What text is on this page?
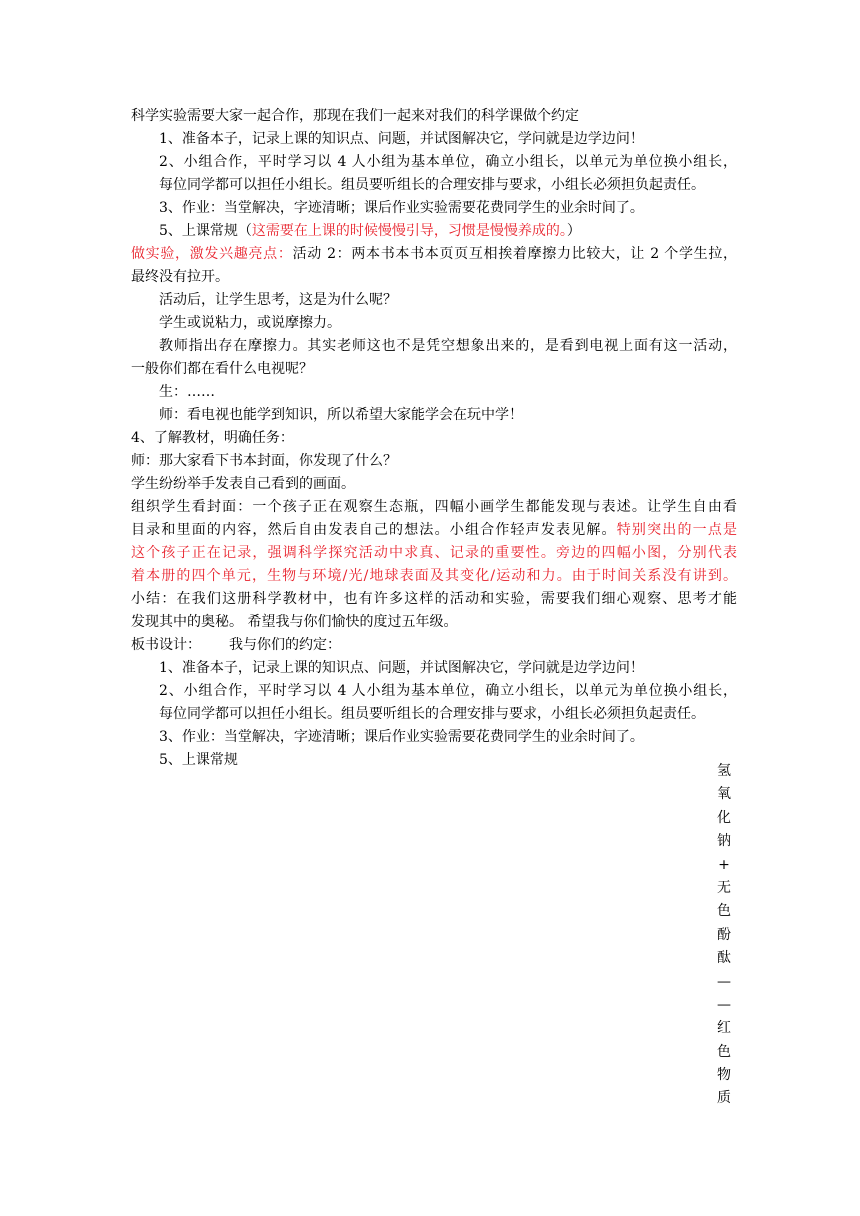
科学实验需要大家一起合作，那现在我们一起来对我们的科学课做个约定
1、准备本子，记录上课的知识点、问题，并试图解决它，学问就是边学边问！
2、小组合作，平时学习以 4 人小组为基本单位，确立小组长，以单元为单位换小组长，
每位同学都可以担任小组长。组员要听组长的合理安排与要求，小组长必须担负起责任。
3、作业：当堂解决，字迹清晰；课后作业实验需要花费同学生的业余时间了。
5、上课常规（这需要在上课的时候慢慢引导，习惯是慢慢养成的。）
做实验，激发兴趣亮点：活动 2：两本书本书本页页互相挨着摩擦力比较大，让 2 个学生拉，
最终没有拉开。
活动后，让学生思考，这是为什么呢？
学生或说粘力，或说摩擦力。
教师指出存在摩擦力。其实老师这也不是凭空想象出来的，是看到电视上面有这一活动，
一般你们都在看什么电视呢？
生：……
师：看电视也能学到知识，所以希望大家能学会在玩中学！
4、了解教材，明确任务：
师：那大家看下书本封面，你发现了什么？
学生纷纷举手发表自己看到的画面。
组织学生看封面：一个孩子正在观察生态瓶，四幅小画学生都能发现与表述。让学生自由看
目录和里面的内容，然后自由发表自己的想法。小组合作轻声发表见解。特别突出的一点是
这个孩子正在记录，强调科学探究活动中求真、记录的重要性。旁边的四幅小图，分别代表
着本册的四个单元，生物与环境/光/地球表面及其变化/运动和力。由于时间关系没有讲到。
小结：在我们这册科学教材中，也有许多这样的活动和实验，需要我们细心观察、思考才能
发现其中的奥秘。 希望我与你们愉快的度过五年级。
板书设计： 我与你们的约定：
1、准备本子，记录上课的知识点、问题，并试图解决它，学问就是边学边问！
2、小组合作，平时学习以 4 人小组为基本单位，确立小组长，以单元为单位换小组长，
每位同学都可以担任小组长。组员要听组长的合理安排与要求，小组长必须担负起责任。
3、作业：当堂解决，字迹清晰；课后作业实验需要花费同学生的业余时间了。
5、上课常规
氢
氧
化
钠
+
无
色
酚
酞
—
—
红
色
物
质
